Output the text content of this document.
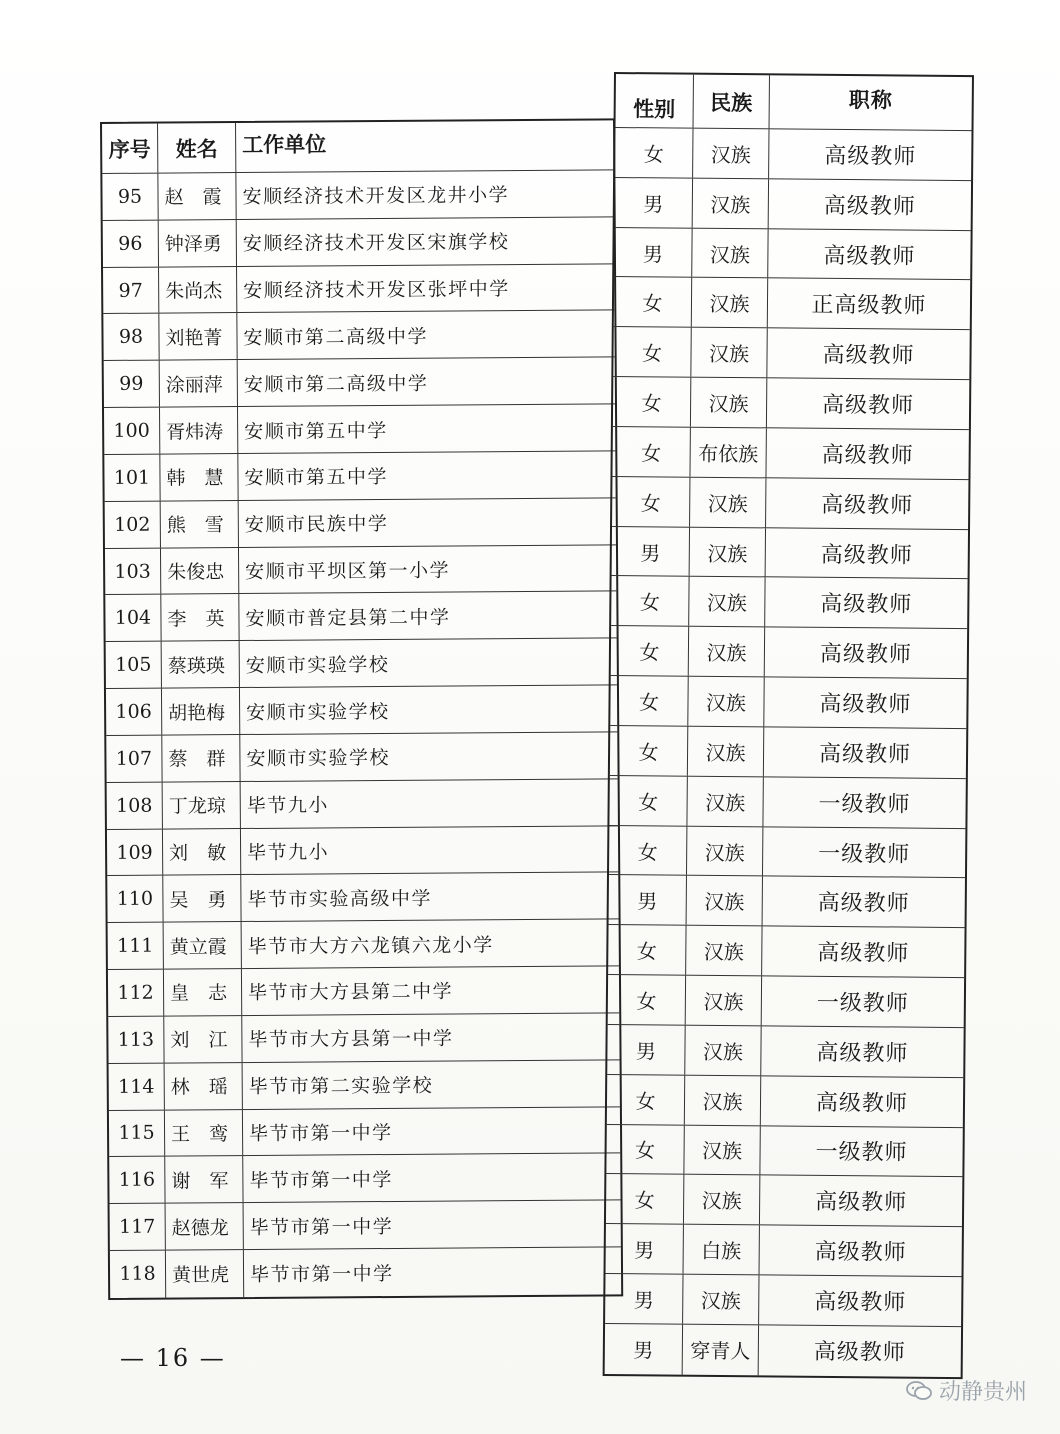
序号	姓名	工作单位
95	赵　霞	安顺经济技术开发区龙井小学
96	钟泽勇	安顺经济技术开发区宋旗学校
97	朱尚杰	安顺经济技术开发区张坪中学
98	刘艳菁	安顺市第二高级中学
99	涂丽萍	安顺市第二高级中学
100 胥炜涛	安顺市第五中学
101 韩　慧	安顺市第五中学
102 熊　雪	安顺市民族中学
103 朱俊忠	安顺市平坝区第一小学
104 李　英	安顺市普定县第二中学
105 蔡瑛瑛	安顺市实验学校
106 胡艳梅	安顺市实验学校
107 蔡　群	安顺市实验学校
108 丁龙琼	毕节九小
109 刘　敏	毕节九小
110 吴　勇	毕节市实验高级中学
111 黄立霞	毕节市大方六龙镇六龙小学
112 皇　志	毕节市大方县第二中学
113 刘　江	毕节市大方县第一中学
114 林　瑶	毕节市第二实验学校
115 王　鸾	毕节市第一中学
116 谢　军	毕节市第一中学
117 赵德龙	毕节市第一中学
118 黄世虎	毕节市第一中学
性别	民族	职称
女	汉族	高级教师
男	汉族	高级教师
男	汉族	高级教师
女	汉族	正高级教师
女	汉族	高级教师
女	汉族	高级教师
女	布依族	高级教师
女	汉族	高级教师
男	汉族	高级教师
女	汉族	高级教师
女	汉族	高级教师
女	汉族	高级教师
女	汉族	高级教师
女	汉族	一级教师
女	汉族	一级教师
男	汉族	高级教师
女	汉族	高级教师
女	汉族	一级教师
男	汉族	高级教师
女	汉族	高级教师
女	汉族	一级教师
女	汉族	高级教师
男	白族	高级教师
男	汉族	高级教师
男	穿青人	高级教师
— 16 —
动静贵州
